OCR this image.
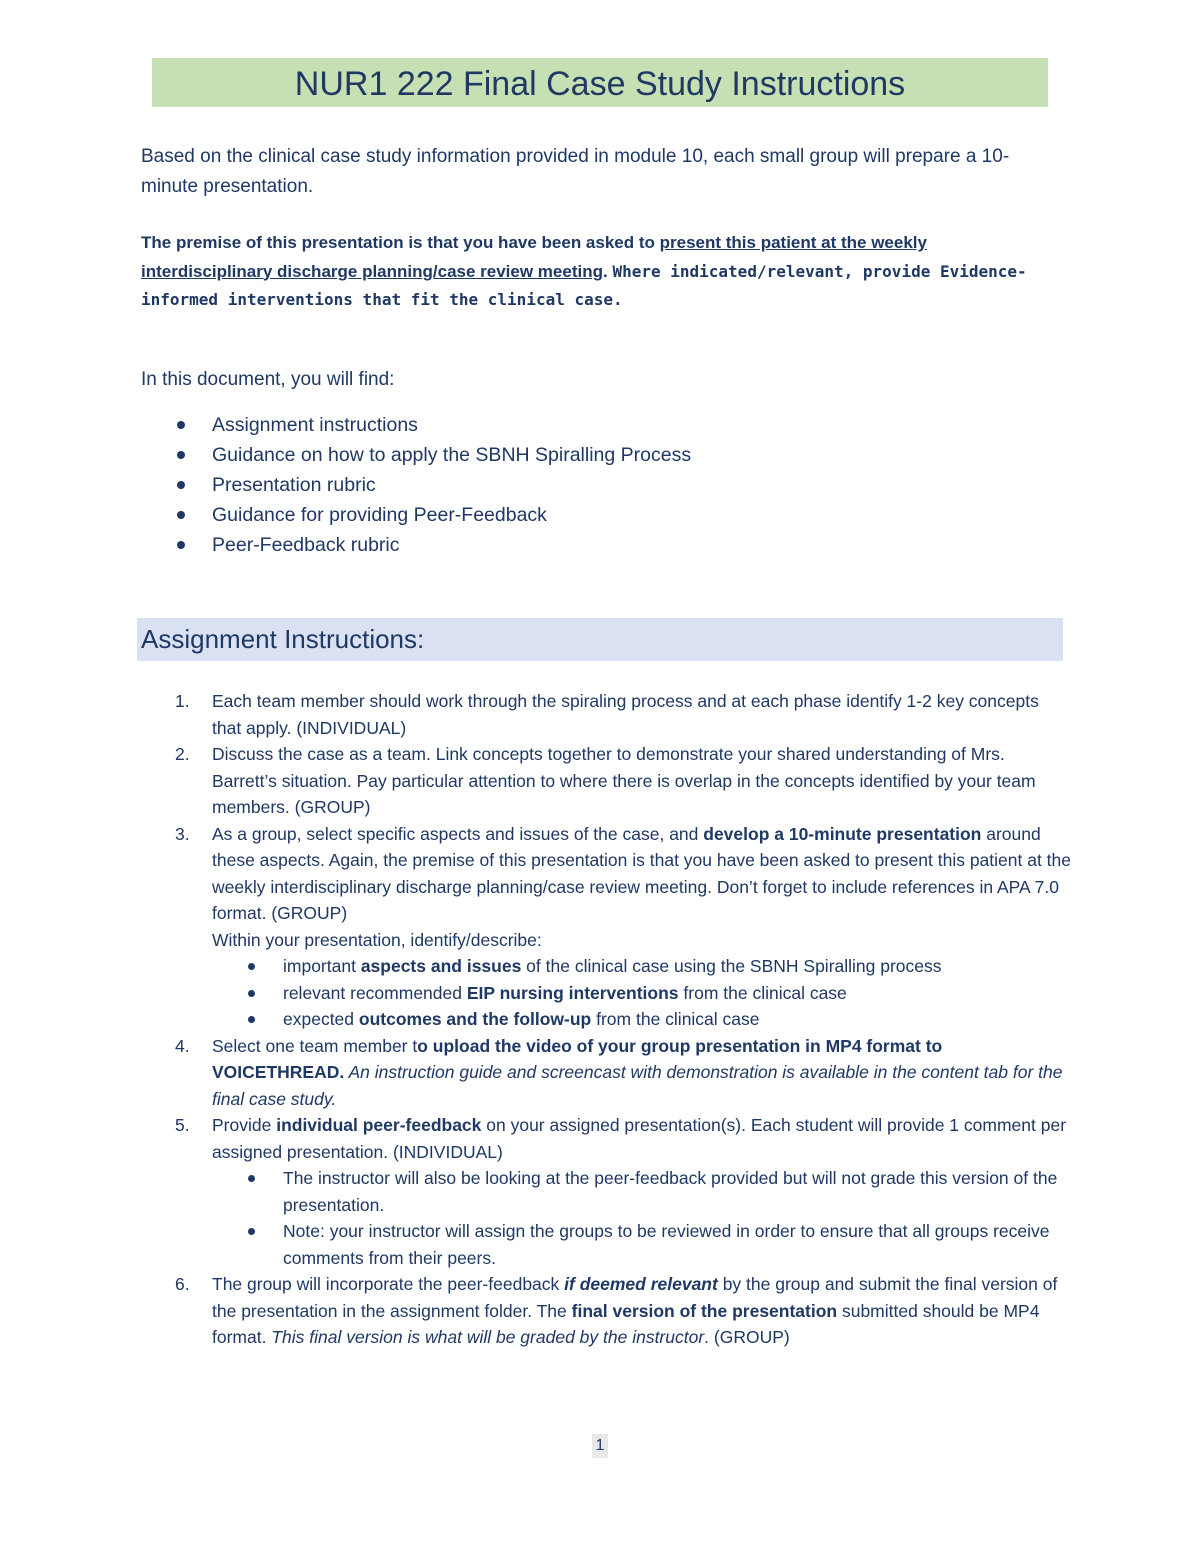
NUR1 222 Final Case Study Instructions
Based on the clinical case study information provided in module 10, each small group will prepare a 10-minute presentation.
The premise of this presentation is that you have been asked to present this patient at the weekly interdisciplinary discharge planning/case review meeting. Where indicated/relevant, provide Evidence-informed interventions that fit the clinical case.
In this document, you will find:
Assignment instructions
Guidance on how to apply the SBNH Spiralling Process
Presentation rubric
Guidance for providing Peer-Feedback
Peer-Feedback rubric
Assignment Instructions:
1. Each team member should work through the spiraling process and at each phase identify 1-2 key concepts that apply. (INDIVIDUAL)
2. Discuss the case as a team. Link concepts together to demonstrate your shared understanding of Mrs. Barrett’s situation. Pay particular attention to where there is overlap in the concepts identified by your team members. (GROUP)
3. As a group, select specific aspects and issues of the case, and develop a 10-minute presentation around these aspects. Again, the premise of this presentation is that you have been asked to present this patient at the weekly interdisciplinary discharge planning/case review meeting. Don’t forget to include references in APA 7.0 format. (GROUP)
Within your presentation, identify/describe:
important aspects and issues of the clinical case using the SBNH Spiralling process
relevant recommended EIP nursing interventions from the clinical case
expected outcomes and the follow-up from the clinical case
4. Select one team member to upload the video of your group presentation in MP4 format to VOICETHREAD. An instruction guide and screencast with demonstration is available in the content tab for the final case study.
5. Provide individual peer-feedback on your assigned presentation(s). Each student will provide 1 comment per assigned presentation. (INDIVIDUAL)
The instructor will also be looking at the peer-feedback provided but will not grade this version of the presentation.
Note: your instructor will assign the groups to be reviewed in order to ensure that all groups receive comments from their peers.
6. The group will incorporate the peer-feedback if deemed relevant by the group and submit the final version of the presentation in the assignment folder. The final version of the presentation submitted should be MP4 format. This final version is what will be graded by the instructor. (GROUP)
1
